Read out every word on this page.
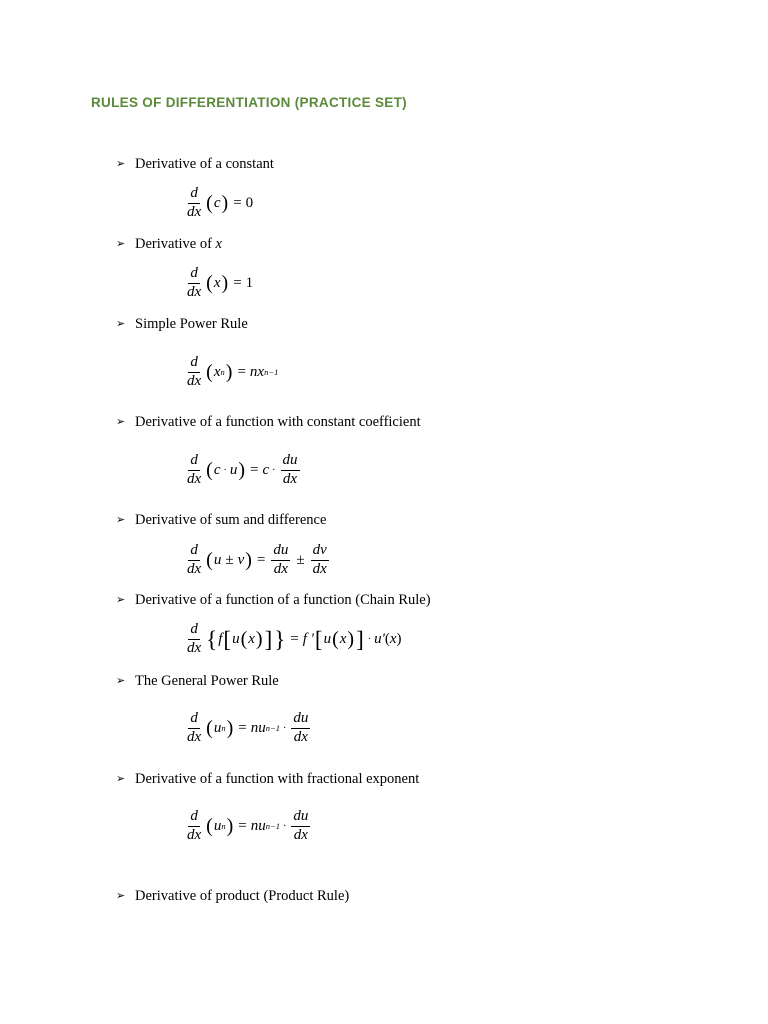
RULES OF DIFFERENTIATION (PRACTICE SET)
➢ Derivative of a constant
$\frac{d}{dx}$ ( c ) = 0
➢ Derivative of x
$\frac{d}{dx}$ ( x ) = 1
➢ Simple Power Rule
$\frac{d}{dx}$ ( x n ) = n x n−1
➢ Derivative of a function with constant coefficient
$\frac{d}{dx}$ ( c · u ) = $c \cdot \frac{du}{dx}$
➢ Derivative of sum and difference
$\frac{d}{dx}$ ( u ± v ) = $\frac{du}{dx} \pm \frac{dv}{dx}$
➢ Derivative of a function of a function (Chain Rule)
$\frac{d}{dx}$ { f [ u ( x ) ] } = f ' [ u ( x ) ] · u' ( x )
➢ The General Power Rule
$\frac{d}{dx}$ ( u n ) = n u $n-1 \cdot \frac{du}{dx}$
➢ Derivative of a function with fractional exponent
$\frac{d}{dx}$ ( u n ) = n u $n-1 \cdot \frac{du}{dx}$
➢ Derivative of product (Product Rule)
